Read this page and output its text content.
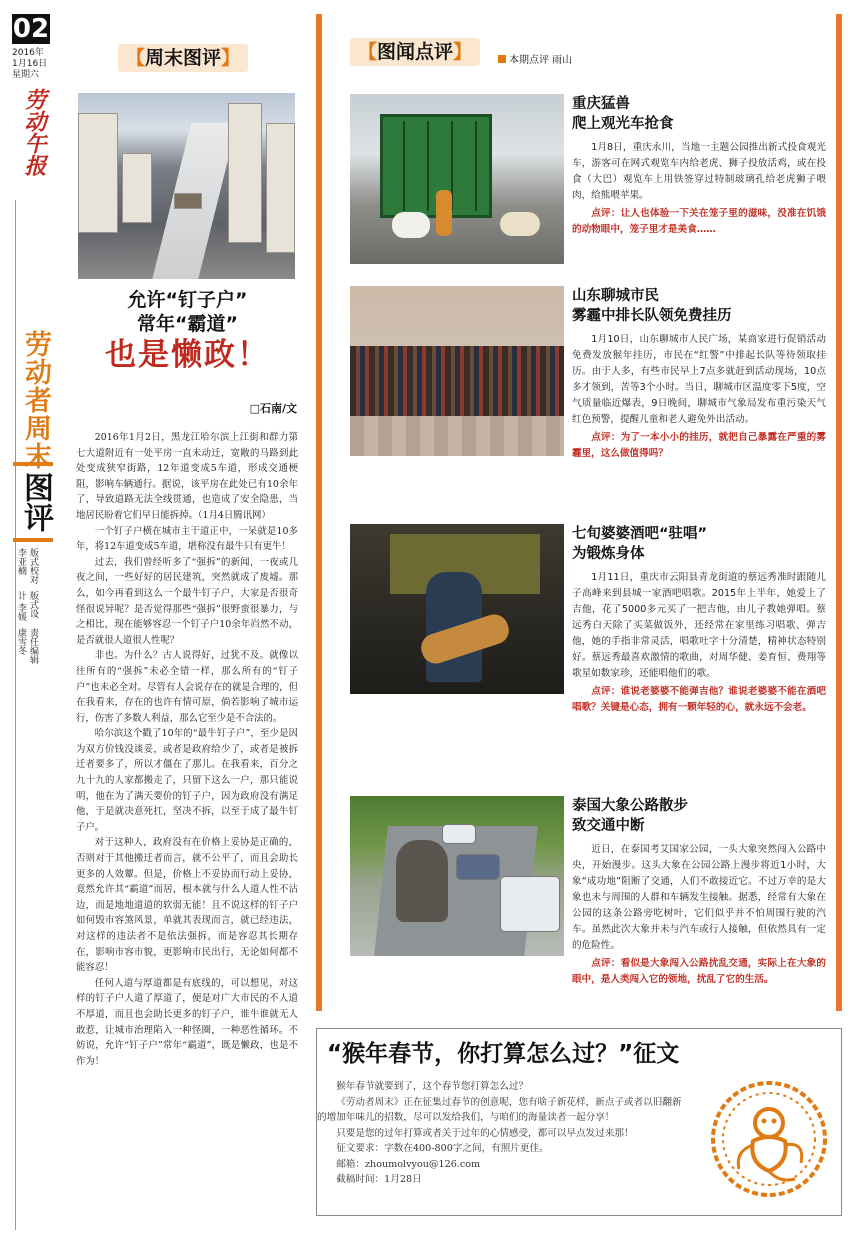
02
2016年
1月16日
星期六
劳动午报
劳动者周末
图评
版式校对 李亚楠
版式设计 李媛
责任编辑 康雪冬
【周末图评】
允许“钉子户”
常年“霸道”
也是懒政！
□石南/文

2016年1月2日，黑龙江哈尔滨上江街和群力第七大道附近有一处平房一直未动迁，宽敞的马路到此处变成狭窄街路，12年道变成5车道，形成交通梗阻，影响车辆通行。据说，该平房在此处已有10余年了，导致道路无法全线贯通，也造成了安全隐患，当地居民盼着它们早日能拆掉。（1月4日腾讯网）

一个钉子户横在城市主干道正中，一呆就是10多年，将12车道变成5车道，堪称没有最牛只有更牛！

过去，我们曾经听多了“强拆”的新闻，一夜或几夜之间，一些好好的居民建筑，突然就成了废墟。那么，如今再看到这么一个最牛钉子户，大家是否很奇怪很说异呢？是否觉得那些“强拆”很野蛮很暴力，与之相比，现在能够容忍一个钉子户10余年岿然不动，是否就很人道很人性呢？

非也。为什么？古人说得好，过犹不及。就像以往所有的“强拆”未必全错一样，那么所有的“钉子户”也未必全对。尽管有人会说存在的就是合理的，但在我看来，存在的也许有情可原，倘若影响了城市运行，伤害了多数人利益，那么它至少是不合法的。

哈尔滨这个戳了10年的“最牛钉子户”，至少是因为双方价钱没谈妥，或者是政府给少了，或者是被拆迁者要多了，所以才僵在了那儿。在我看来，百分之九十九的人家都搬走了，只留下这么一户，那只能说明，他在为了满天要价的钉子户，因为政府没有满足他，于是就决意死扛，坚决不拆，以至于成了最牛钉子户。

对于这种人，政府没有在价格上妥协是正确的，否则对于其他搬迁者而言，就不公平了，而且会助长更多的人效颦。但是，价格上不妥协而行动上妥协，竟然允许其“霸道”而居，根本就与什么人道人性不沾边，而是地地道道的软弱无能！且不说这样的钉子户如何毁市容煞风景，单就其表现而言，就已经违法，对这样的违法者不是依法强拆，而是容忍其长期存在，影响市容市貌，更影响市民出行，无论如何都不能容忍！

任何人道与厚道都是有底线的，可以想见，对这样的钉子户人道了厚道了，便是对广大市民的不人道不厚道，而且也会助长更多的钉子户，谁牛谁就无人敢惹，让城市治理陷入一种怪圈，一种恶性循环。不妨说，允许“钉子户”常年“霸道”，既是懒政，也是不作为！

【图闻点评】	本期点评 雨山
重庆猛兽
爬上观光车抢食

1月8日，重庆永川，当地一主题公园推出新式投食观光车，游客可在网式观览车内给老虎、狮子投放活鸡，或在投食（大巴）观览车上用铁签穿过特制玻璃孔给老虎狮子喂肉，给熊喂苹果。

点评：让人也体验一下关在笼子里的滋味，没准在饥饿的动物眼中，笼子里才是美食……

山东聊城市民
雾霾中排长队领免费挂历

1月10日，山东聊城市人民广场，某商家进行促销活动免费发放猴年挂历，市民在“红警”中排起长队等待领取挂历。由于人多，有些市民早上7点多就赶到活动现场，10点多才领到，苦等3个小时。当日，聊城市区温度零下5度，空气质量临近爆表，9日晚间，聊城市气象局发布重污染天气红色预警，提醒儿童和老人避免外出活动。

点评：为了一本小小的挂历，就把自己暴露在严重的雾霾里，这么做值得吗？

七旬婆婆酒吧“驻唱”
为锻炼身体

1月11日，重庆市云阳县青龙街道的蔡远秀准时跟随儿子高峰来到县城一家酒吧唱歌。2015年上半年，她爱上了吉他，花了5000多元买了一把吉他，由儿子教她弹唱。蔡远秀白天除了买菜做饭外，还经常在家里练习唱歌、弹吉他，她的手指非常灵活，唱歌吐字十分清楚，精神状态特别好。蔡远秀最喜欢激情的歌曲，对周华健、姜育恒、费翔等歌星如数家珍，还能唱他们的歌。

点评：谁说老婆婆不能弹吉他？谁说老婆婆不能在酒吧唱歌？关键是心态，拥有一颗年轻的心，就永远不会老。

泰国大象公路散步
致交通中断

近日，在泰国考艾国家公园，一头大象突然闯入公路中央，开始漫步。这头大象在公园公路上漫步将近1小时，大象“成功地”阻断了交通，人们不敢接近它。不过万幸的是大象也未与周围的人群和车辆发生接触。据悉，经常有大象在公园的这条公路旁吃树叶，它们似乎并不怕周围行驶的汽车。虽然此次大象并未与汽车或行人接触，但依然具有一定的危险性。

点评：看似是大象闯入公路扰乱交通，实际上在大象的眼中，是人类闯入它的领地，扰乱了它的生活。

“猴年春节，你打算怎么过？”征文

猴年春节就要到了，这个春节您打算怎么过？

《劳动者周末》正在征集过春节的创意呢，您有啥子新花样，新点子或者以旧翻新的增加年味儿的招数，尽可以发给我们，与咱们的海量读者一起分享！

只要是您的过年打算或者关于过年的心情感受，都可以早点发过来那！

征文要求：字数在400-800字之间，有照片更佳。

邮箱：zhoumolvyou@126.com

截稿时间：1月28日
